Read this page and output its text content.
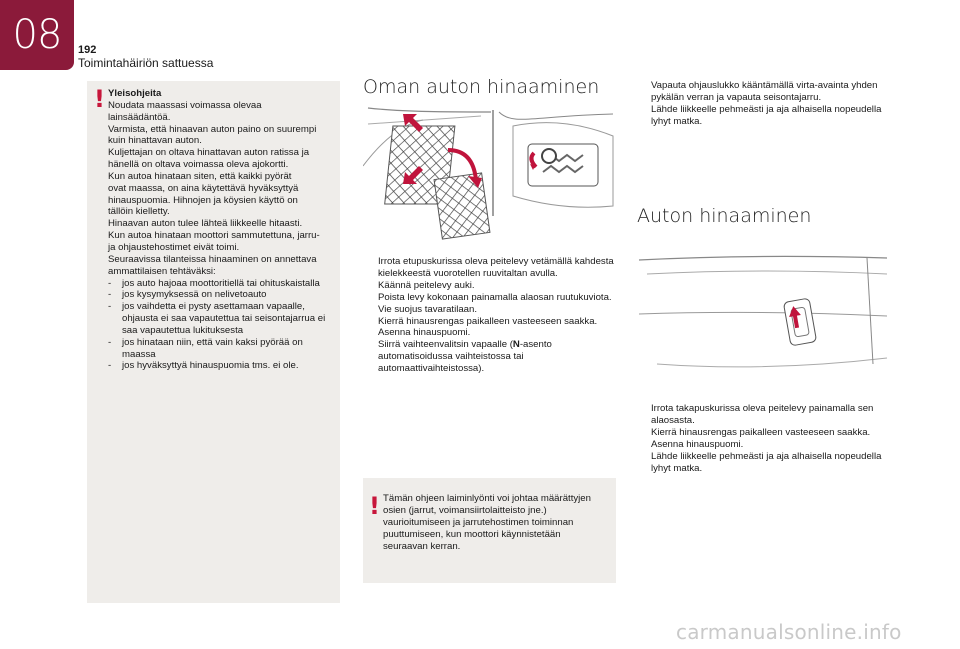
08 192
Toimintahäiriön sattuessa
! Yleisohjeita
Noudata maassasi voimassa olevaa
lainsäädäntöä.
Varmista, että hinaavan auton paino on suurempi
kuin hinattavan auton.
Kuljettajan on oltava hinattavan auton ratissa ja
hänellä on oltava voimassa oleva ajokortti.
Kun autoa hinataan siten, että kaikki pyörät
ovat maassa, on aina käytettävä hyväksyttyä
hinauspuomia. Hihnojen ja köysien käyttö on
tällöin kielletty.
Hinaavan auton tulee lähteä liikkeelle hitaasti.
Kun autoa hinataan moottori sammutettuna, jarru-
ja ohjaustehostimet eivät toimi.
Seuraavissa tilanteissa hinaaminen on annettava
ammattilaisen tehtäväksi:
-	jos auto hajoaa moottoritiellä tai ohituskaistalla
-	jos kysymyksessä on nelivetoauto
-	jos vaihdetta ei pysty asettamaan vapaalle, ohjausta ei saa vapautettua tai seisontajarrua ei saa vapautettua lukituksesta
-	jos hinataan niin, että vain kaksi pyörää on maassa
-	jos hyväksyttyä hinauspuomia tms. ei ole.
Oman auton hinaaminen
Irrota etupuskurissa oleva peitelevy vetämällä kahdesta kielekkeestä vuorotellen ruuvitaltan avulla.
Käännä peitelevy auki.
Poista levy kokonaan painamalla alaosan ruutukuviota.
Vie suojus tavaratilaan.
Kierrä hinausrengas paikalleen vasteeseen saakka.
Asenna hinauspuomi.
Siirrä vaihteenvalitsin vapaalle (N-asento automatisoidussa vaihteistossa tai automaattivaihteistossa).
! Tämän ohjeen laiminlyönti voi johtaa määrättyjen osien (jarrut, voimansiirtolaitteisto jne.) vaurioitumiseen ja jarrutehostimen toiminnan puuttumiseen, kun moottori käynnistetään seuraavan kerran.
Vapauta ohjauslukko kääntämällä virta-avainta yhden pykälän verran ja vapauta seisontajarru.
Lähde liikkeelle pehmeästi ja aja alhaisella nopeudella lyhyt matka.
Auton hinaaminen
Irrota takapuskurissa oleva peitelevy painamalla sen alaosasta.
Kierrä hinausrengas paikalleen vasteeseen saakka.
Asenna hinauspuomi.
Lähde liikkeelle pehmeästi ja aja alhaisella nopeudella lyhyt matka.
carmanualsonline.info
